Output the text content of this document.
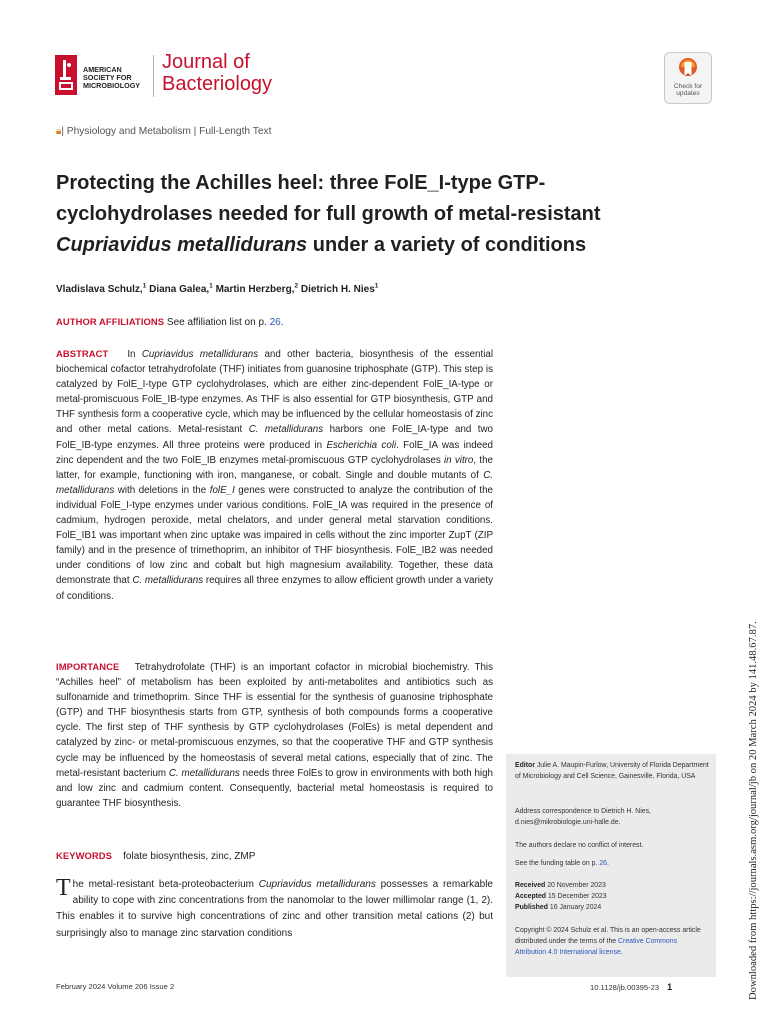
AMERICAN
SOCIETY FOR
MICROBIOLOGY
Journal of
Bacteriology	Check for
updates
🔒︎| Physiology and Metabolism | Full-Length Text
Protecting the Achilles heel: three FolE_I-type GTP-
cyclohydrolases needed for full growth of metal-resistant
Cupriavidus metallidurans under a variety of conditions
Vladislava Schulz,$^1$ Diana Galea,$^1$ Martin Herzberg,$^2$ Dietrich H. Nies$^1$
AUTHOR AFFILIATIONS See affiliation list on p. 26.
ABSTRACT In Cupriavidus metallidurans and other bacteria, biosynthesis of the essential biochemical cofactor tetrahydrofolate (THF) initiates from guanosine triphosphate (GTP). This step is catalyzed by FolE_I-type GTP cyclohydrolases, which are either zinc-dependent FolE_IA-type or metal-promiscuous FolE_IB-type enzymes. As THF is also essential for GTP biosynthesis, GTP and THF synthesis form a cooperative cycle, which may be influenced by the cellular homeostasis of zinc and other metal cations. Metal-resistant C. metallidurans harbors one FolE_IA-type and two FolE_IB-type enzymes. All three proteins were produced in Escherichia coli. FolE_IA was indeed zinc dependent and the two FolE_IB enzymes metal-promiscuous GTP cyclohydrolases in vitro, the latter, for example, functioning with iron, manganese, or cobalt. Single and double mutants of C. metallidurans with deletions in the folE_I genes were constructed to analyze the contribution of the individual FolE_I-type enzymes under various conditions. FolE_IA was required in the presence of cadmium, hydrogen peroxide, metal chelators, and under general metal starvation conditions. FolE_IB1 was important when zinc uptake was impaired in cells without the zinc importer ZupT (ZIP family) and in the presence of trimethoprim, an inhibitor of THF biosynthesis. FolE_IB2 was needed under conditions of low zinc and cobalt but high magnesium availability. Together, these data demonstrate that C. metallidurans requires all three enzymes to allow efficient growth under a variety of conditions.
IMPORTANCE Tetrahydrofolate (THF) is an important cofactor in microbial biochemistry. This “Achilles heel” of metabolism has been exploited by anti-metabolites and antibiotics such as sulfonamide and trimethoprim. Since THF is essential for the synthesis of guanosine triphosphate (GTP) and THF biosynthesis starts from GTP, synthesis of both compounds forms a cooperative cycle. The first step of THF synthesis by GTP cyclohydrolases (FolEs) is metal dependent and catalyzed by zinc- or metal-promiscuous enzymes, so that the cooperative THF and GTP synthesis cycle may be influenced by the homeostasis of several metal cations, especially that of zinc. The metal-resistant bacterium C. metallidurans needs three FolEs to grow in environments with both high and low zinc and cadmium content. Consequently, bacterial metal homeostasis is required to guarantee THF biosynthesis.
KEYWORDS folate biosynthesis, zinc, ZMP
The metal-resistant beta-proteobacterium Cupriavidus metallidurans possesses a remarkable ability to cope with zinc concentrations from the nanomolar to the lower millimolar range (1, 2). This enables it to survive high concentrations of zinc and other transition metal cations (2) but surprisingly also to manage zinc starvation conditions
Editor Julie A. Maupin-Furlow, University of Florida Department of Microbiology and Cell Science, Gainesville, Florida, USA
Address correspondence to Dietrich H. Nies, d.nies@mikrobiologie.uni-halle.de.
The authors declare no conflict of interest.
See the funding table on p. 26.
Received 20 November 2023
Accepted 15 December 2023
Published 16 January 2024
Copyright © 2024 Schulz et al. This is an open-access article distributed under the terms of the Creative Commons Attribution 4.0 International license.
February 2024 Volume 206 Issue 2	10.1128/jb.00395-23 1	Downloaded from https://journals.asm.org/journal/jb on 20 March 2024 by 141.48.67.87.
